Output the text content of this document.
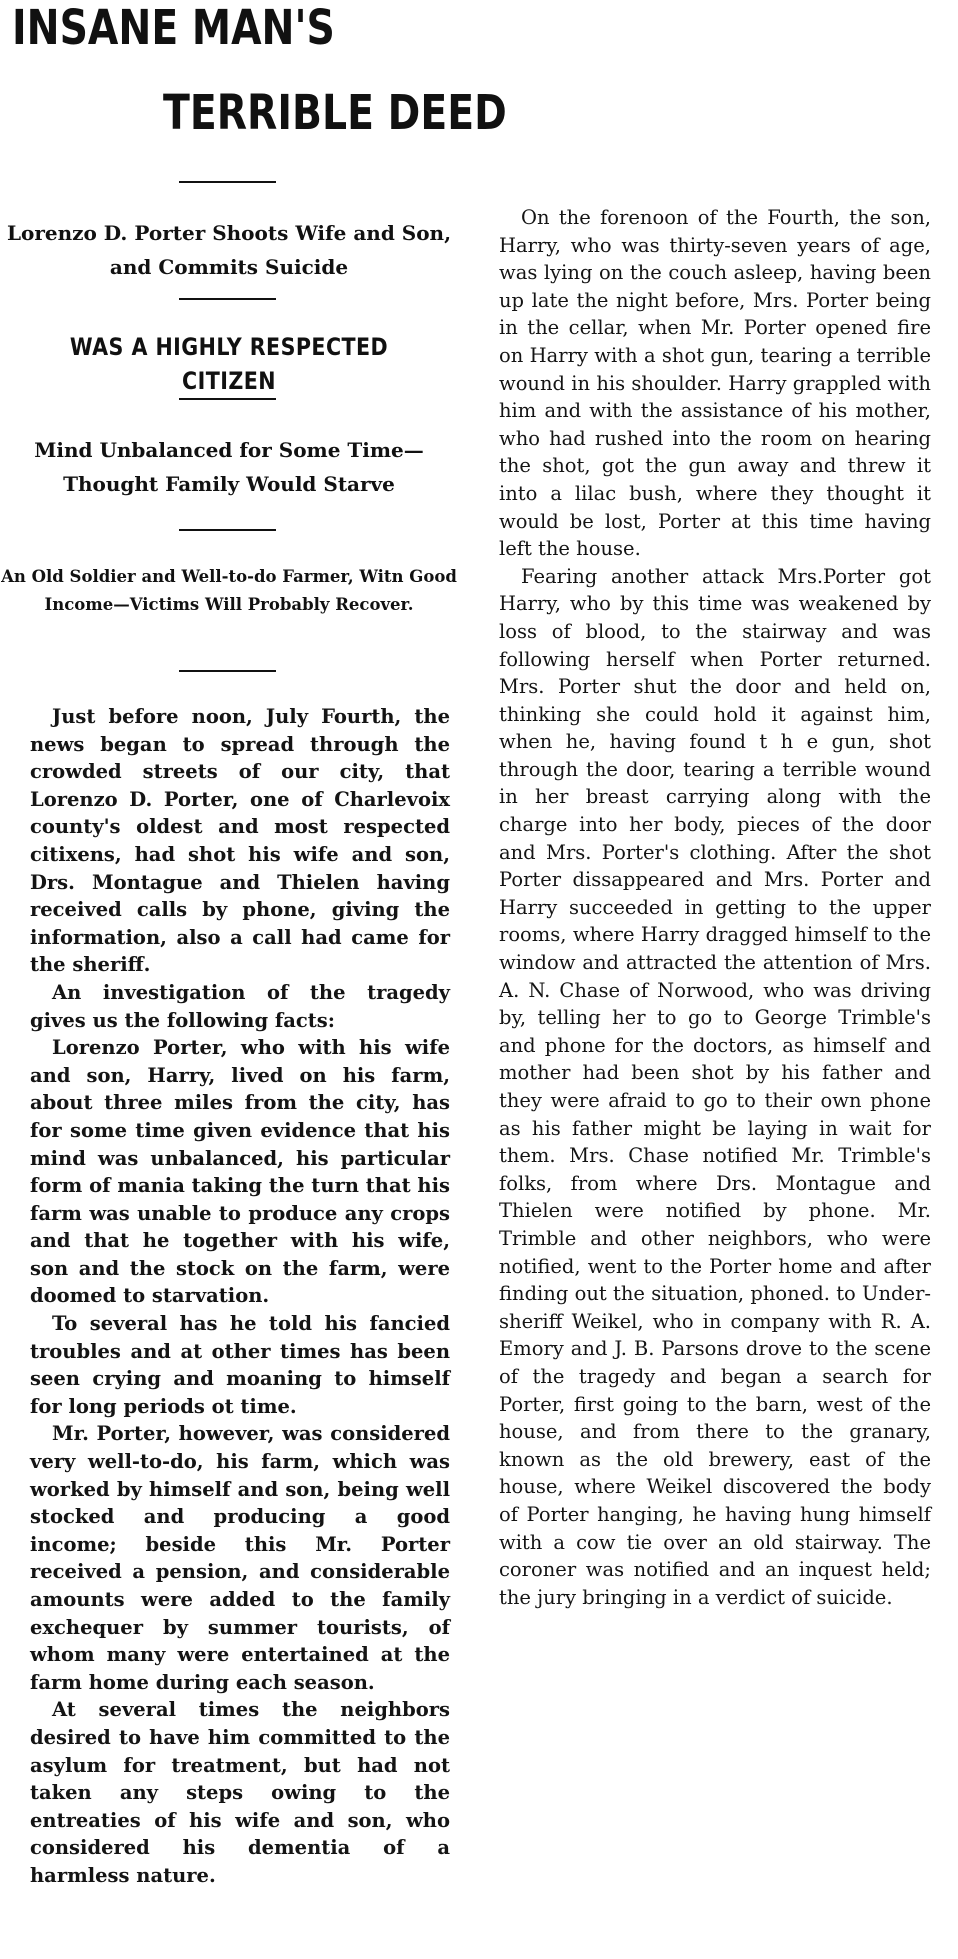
INSANE MAN'S
TERRIBLE DEED
Lorenzo D. Porter Shoots Wife and Son, and Commits Suicide
WAS A HIGHLY RESPECTED CITIZEN
Mind Unbalanced for Some Time— Thought Family Would Starve
An Old Soldier and Well-to-do Farmer, Witn Good Income—Victims Will Probably Recover.

Just before noon, July Fourth, the news began to spread through the crowded streets of our city, that Lorenzo D. Porter, one of Charlevoix county's oldest and most respected citixens, had shot his wife and son, Drs. Montague and Thielen having received calls by phone, giving the information, also a call had came for the sheriff.

An investigation of the tragedy gives us the following facts:

Lorenzo Porter, who with his wife and son, Harry, lived on his farm, about three miles from the city, has for some time given evidence that his mind was unbalanced, his particular form of mania taking the turn that his farm was unable to produce any crops and that he together with his wife, son and the stock on the farm, were doomed to starvation.

To several has he told his fancied troubles and at other times has been seen crying and moaning to himself for long periods ot time.

Mr. Porter, however, was considered very well-to-do, his farm, which was worked by himself and son, being well stocked and producing a good income; beside this Mr. Porter received a pension, and considerable amounts were added to the family exchequer by summer tourists, of whom many were entertained at the farm home during each season.

At several times the neighbors desired to have him committed to the asylum for treatment, but had not taken any steps owing to the entreaties of his wife and son, who considered his dementia of a harmless nature.

On the forenoon of the Fourth, the son, Harry, who was thirty-seven years of age, was lying on the couch asleep, having been up late the night before, Mrs. Porter being in the cellar, when Mr. Porter opened fire on Harry with a shot gun, tearing a terrible wound in his shoulder. Harry grappled with him and with the assistance of his mother, who had rushed into the room on hearing the shot, got the gun away and threw it into a lilac bush, where they thought it would be lost, Porter at this time having left the house.

Fearing another attack Mrs.Porter got Harry, who by this time was weakened by loss of blood, to the stairway and was following herself when Porter returned. Mrs. Porter shut the door and held on, thinking she could hold it against him, when he, having found t h e gun, shot through the door, tearing a terrible wound in her breast carrying along with the charge into her body, pieces of the door and Mrs. Porter's clothing. After the shot Porter dissappeared and Mrs. Porter and Harry succeeded in getting to the upper rooms, where Harry dragged himself to the window and attracted the attention of Mrs. A. N. Chase of Norwood, who was driving by, telling her to go to George Trimble's and phone for the doctors, as himself and mother had been shot by his father and they were afraid to go to their own phone as his father might be laying in wait for them. Mrs. Chase notified Mr. Trimble's folks, from where Drs. Montague and Thielen were notified by phone. Mr. Trimble and other neighbors, who were notified, went to the Porter home and after finding out the situation, phoned. to Under-sheriff Weikel, who in company with R. A. Emory and J. B. Parsons drove to the scene of the tragedy and began a search for Porter, first going to the barn, west of the house, and from there to the granary, known as the old brewery, east of the house, where Weikel discovered the body of Porter hanging, he having hung himself with a cow tie over an old stairway. The coroner was notified and an inquest held; the jury bringing in a verdict of suicide.
